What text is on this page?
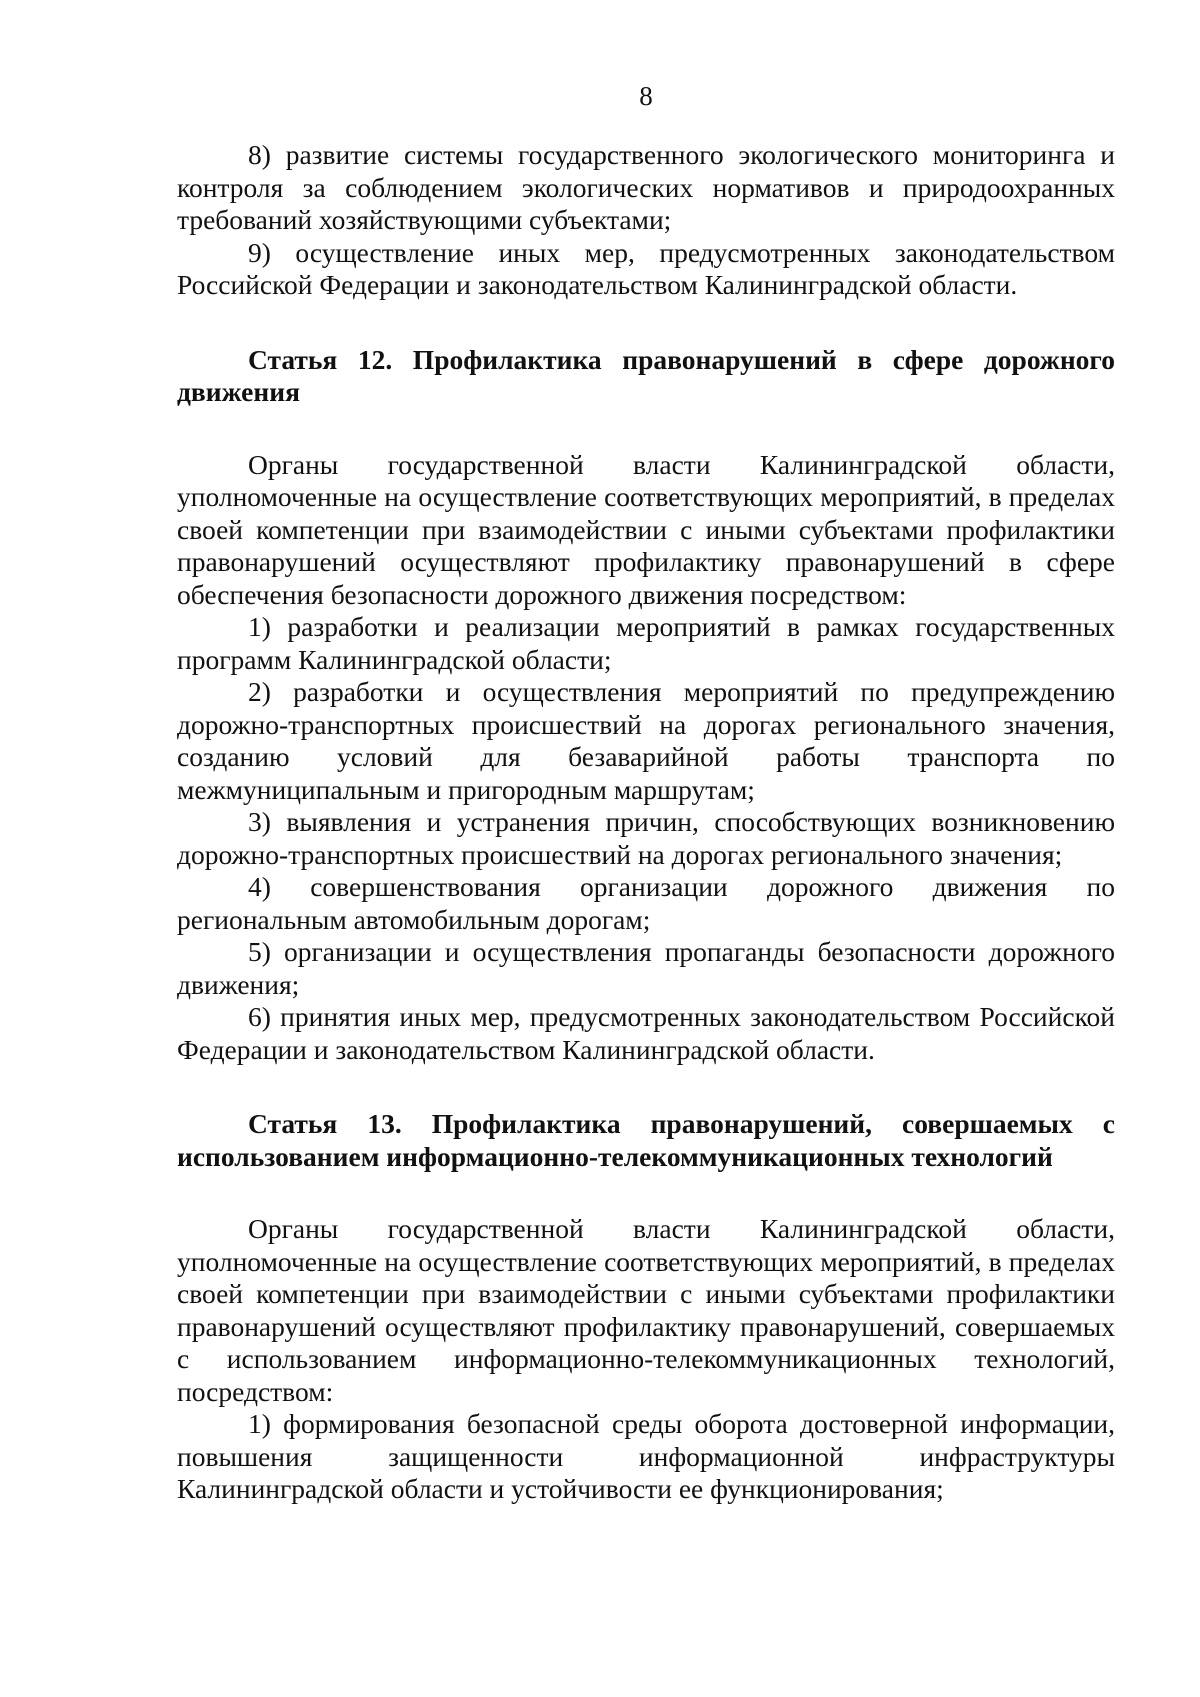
8

8) развитие системы государственного экологического мониторинга и контроля за соблюдением экологических нормативов и природоохранных требований хозяйствующими субъектами;

9) осуществление иных мер, предусмотренных законодательством Российской Федерации и законодательством Калининградской области.

Статья 12. Профилактика правонарушений в сфере дорожного движения

Органы государственной власти Калининградской области, уполномоченные на осуществление соответствующих мероприятий, в пределах своей компетенции при взаимодействии с иными субъектами профилактики правонарушений осуществляют профилактику правонарушений в сфере обеспечения безопасности дорожного движения посредством:

1) разработки и реализации мероприятий в рамках государственных программ Калининградской области;

2) разработки и осуществления мероприятий по предупреждению дорожно-транспортных происшествий на дорогах регионального значения, созданию условий для безаварийной работы транспорта по межмуниципальным и пригородным маршрутам;

3) выявления и устранения причин, способствующих возникновению дорожно-транспортных происшествий на дорогах регионального значения;

4) совершенствования организации дорожного движения по региональным автомобильным дорогам;

5) организации и осуществления пропаганды безопасности дорожного движения;

6) принятия иных мер, предусмотренных законодательством Российской Федерации и законодательством Калининградской области.

Статья 13. Профилактика правонарушений, совершаемых с использованием информационно-телекоммуникационных технологий

Органы государственной власти Калининградской области, уполномоченные на осуществление соответствующих мероприятий, в пределах своей компетенции при взаимодействии с иными субъектами профилактики правонарушений осуществляют профилактику правонарушений, совершаемых с использованием информационно-телекоммуникационных технологий, посредством:

1) формирования безопасной среды оборота достоверной информации, повышения защищенности информационной инфраструктуры Калининградской области и устойчивости ее функционирования;
